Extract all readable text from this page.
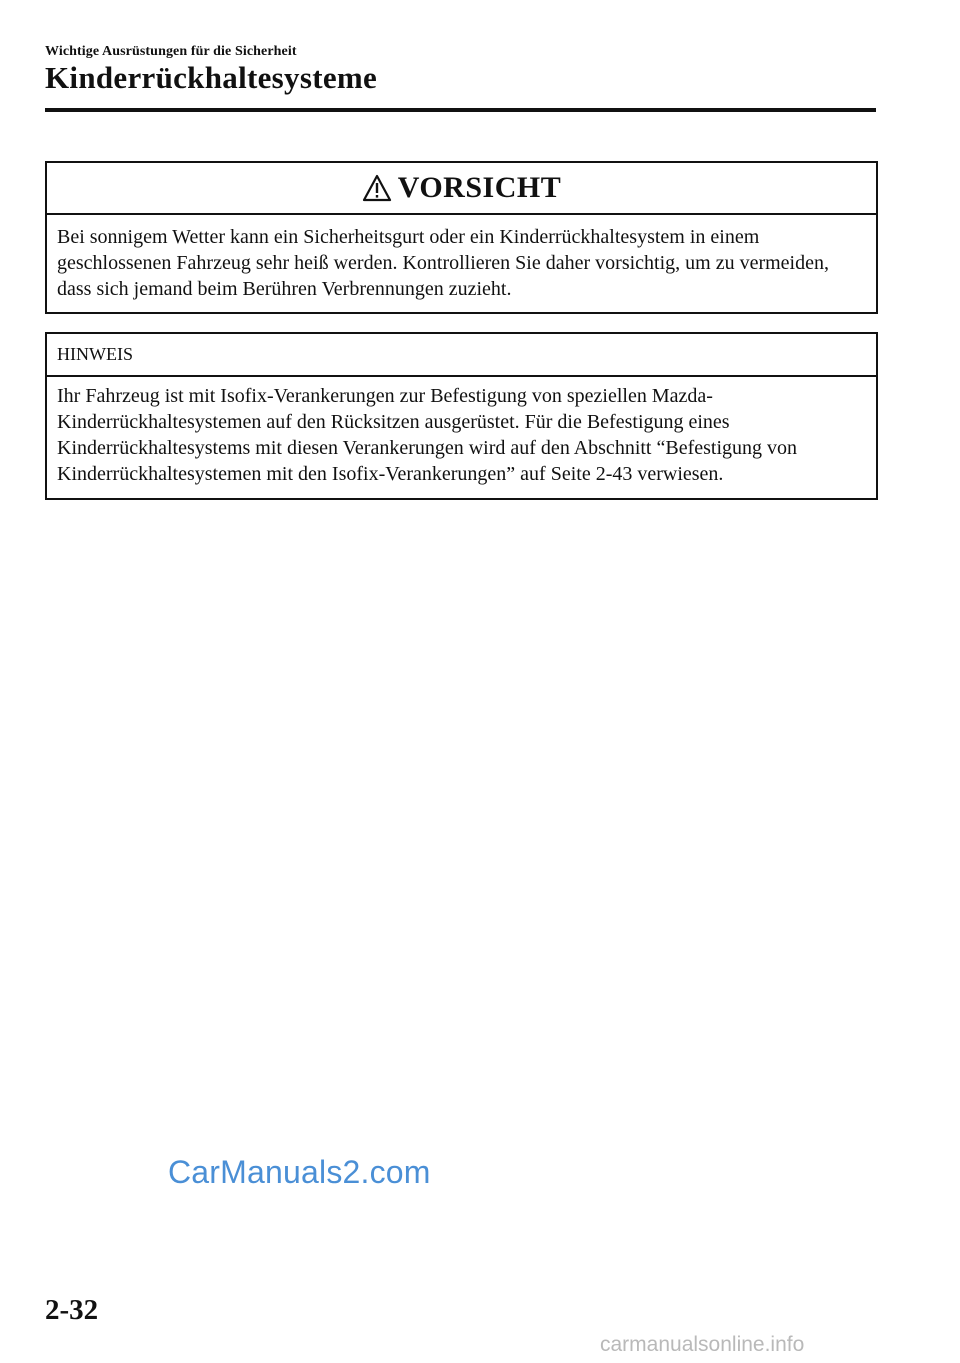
Wichtige Ausrüstungen für die Sicherheit
Kinderrückhaltesysteme
VORSICHT
Bei sonnigem Wetter kann ein Sicherheitsgurt oder ein Kinderrückhaltesystem in einem geschlossenen Fahrzeug sehr heiß werden. Kontrollieren Sie daher vorsichtig, um zu vermeiden, dass sich jemand beim Berühren Verbrennungen zuzieht.
HINWEIS
Ihr Fahrzeug ist mit Isofix-Verankerungen zur Befestigung von speziellen Mazda-Kinderrückhaltesystemen auf den Rücksitzen ausgerüstet. Für die Befestigung eines Kinderrückhaltesystems mit diesen Verankerungen wird auf den Abschnitt “Befestigung von Kinderrückhaltesystemen mit den Isofix-Verankerungen” auf Seite 2-43 verwiesen.
CarManuals2.com
2-32
carmanualsonline.info
